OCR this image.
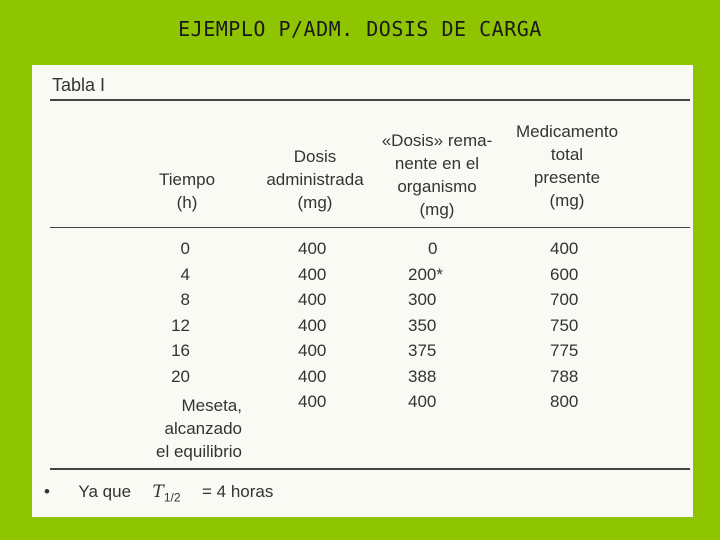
EJEMPLO P/ADM. DOSIS DE CARGA
Tabla I
Tiempo
(h)
Dosis
administrada
(mg)
«Dosis» rema-
nente en el
organismo
(mg)
Medicamento
total
presente
(mg)
0
4
8
12
16
20
Meseta,
alcanzado
el equilibrio
400
400
400
400
400
400
400
0
200*
300
350
375
388
400
400
600
700
750
775
788
800
• Ya que $T_{1/2} = 4$ horas
